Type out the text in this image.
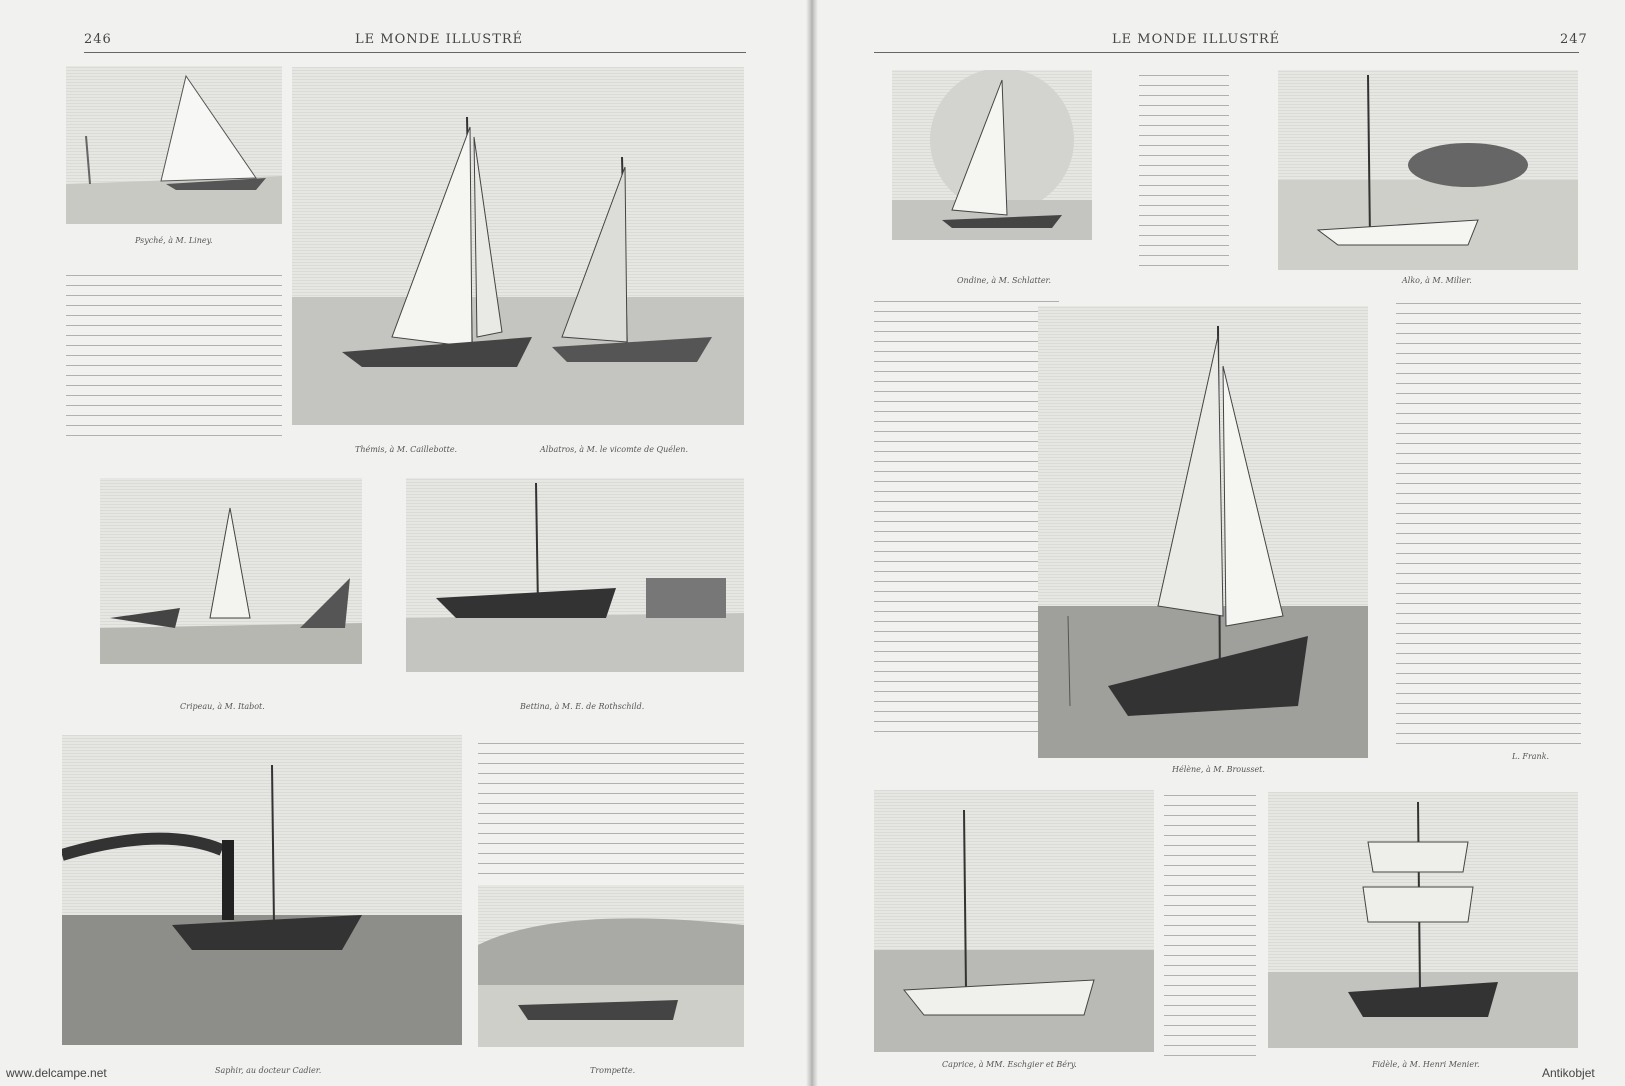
246	LE MONDE ILLUSTRÉ
Psyché, à M. Liney.
Thémis, à M. Caillebotte.	Albatros, à M. le vicomte de Quélen.
Cripeau, à M. Itabot.	Bettina, à M. E. de Rothschild.
Saphir, au docteur Cadier.	Trompette.
www.delcampe.net
LE MONDE ILLUSTRÉ	247
Ondine, à M. Schlatter.	Alko, à M. Milier.
Hélène, à M. Brousset.
L. Frank.
Caprice, à MM. Eschgier et Béry.	Fidèle, à M. Henri Menier.
Antikobjet
